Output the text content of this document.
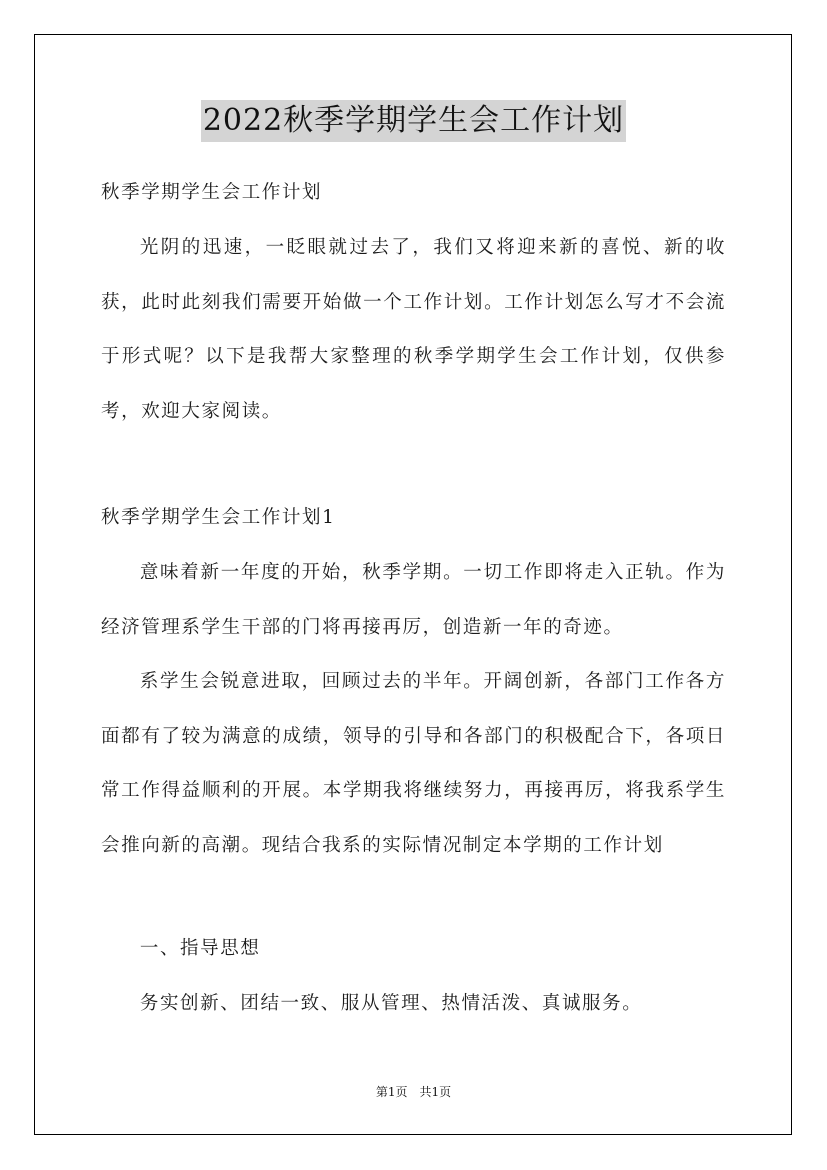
2022秋季学期学生会工作计划

秋季学期学生会工作计划

光阴的迅速，一眨眼就过去了，我们又将迎来新的喜悦、新的收获，此时此刻我们需要开始做一个工作计划。工作计划怎么写才不会流于形式呢？以下是我帮大家整理的秋季学期学生会工作计划，仅供参考，欢迎大家阅读。

秋季学期学生会工作计划1

意味着新一年度的开始，秋季学期。一切工作即将走入正轨。作为经济管理系学生干部的门将再接再厉，创造新一年的奇迹。

系学生会锐意进取，回顾过去的半年。开阔创新，各部门工作各方面都有了较为满意的成绩，领导的引导和各部门的积极配合下，各项日常工作得益顺利的开展。本学期我将继续努力，再接再厉，将我系学生会推向新的高潮。现结合我系的实际情况制定本学期的工作计划

一、指导思想

务实创新、团结一致、服从管理、热情活泼、真诚服务。

第1页　共1页
